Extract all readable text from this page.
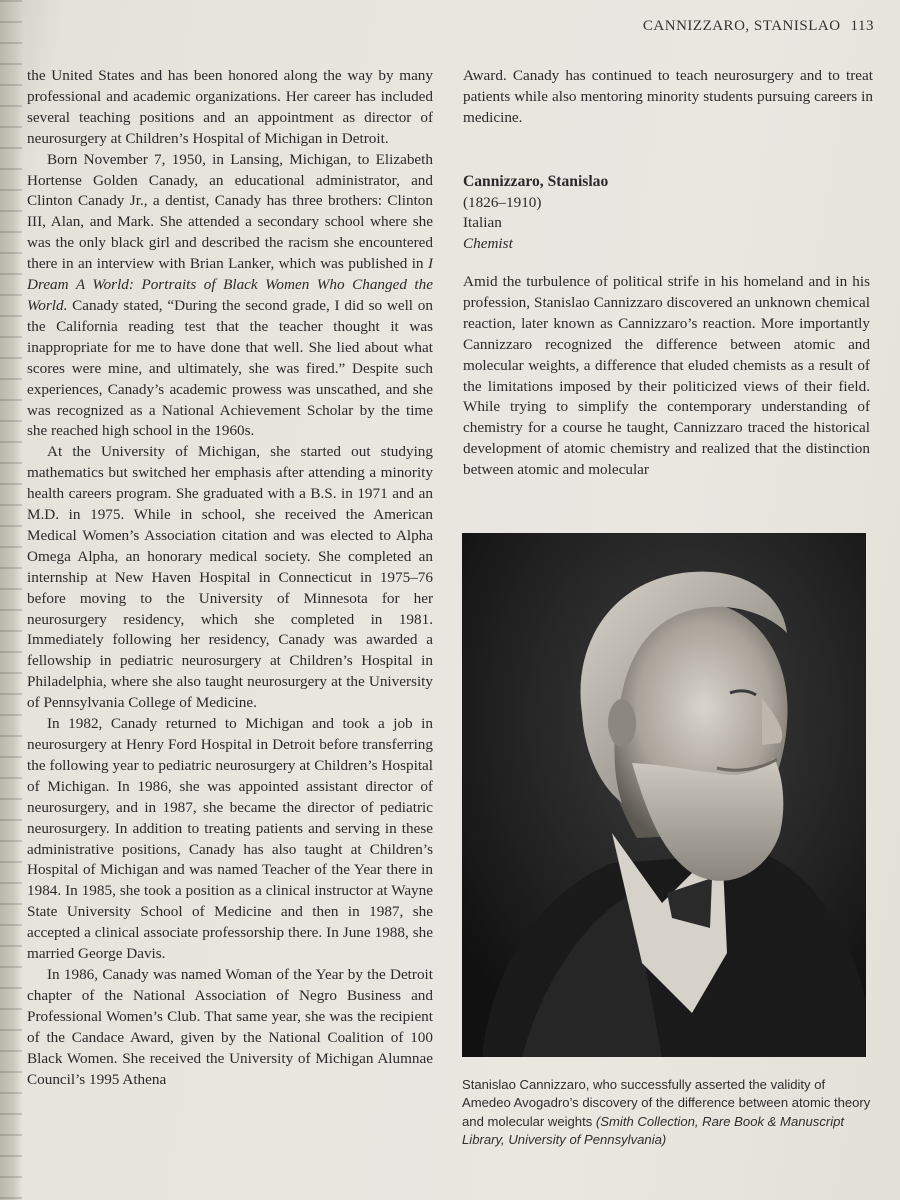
CANNIZZARO, STANISLAO 113

the United States and has been honored along the way by many professional and academic organizations. Her career has included several teaching positions and an appointment as director of neurosurgery at Children’s Hospital of Michigan in Detroit.

Born November 7, 1950, in Lansing, Michigan, to Elizabeth Hortense Golden Canady, an educational administrator, and Clinton Canady Jr., a dentist, Canady has three brothers: Clinton III, Alan, and Mark. She attended a secondary school where she was the only black girl and described the racism she encountered there in an interview with Brian Lanker, which was published in I Dream A World: Portraits of Black Women Who Changed the World. Canady stated, “During the second grade, I did so well on the California reading test that the teacher thought it was inappropriate for me to have done that well. She lied about what scores were mine, and ultimately, she was fired.” Despite such experiences, Canady’s academic prowess was unscathed, and she was recognized as a National Achievement Scholar by the time she reached high school in the 1960s.

At the University of Michigan, she started out studying mathematics but switched her emphasis after attending a minority health careers program. She graduated with a B.S. in 1971 and an M.D. in 1975. While in school, she received the American Medical Women’s Association citation and was elected to Alpha Omega Alpha, an honorary medical society. She completed an internship at New Haven Hospital in Connecticut in 1975–76 before moving to the University of Minnesota for her neurosurgery residency, which she completed in 1981. Immediately following her residency, Canady was awarded a fellowship in pediatric neurosurgery at Children’s Hospital in Philadelphia, where she also taught neurosurgery at the University of Pennsylvania College of Medicine.

In 1982, Canady returned to Michigan and took a job in neurosurgery at Henry Ford Hospital in Detroit before transferring the following year to pediatric neurosurgery at Children’s Hospital of Michigan. In 1986, she was appointed assistant director of neurosurgery, and in 1987, she became the director of pediatric neurosurgery. In addition to treating patients and serving in these administrative positions, Canady has also taught at Children’s Hospital of Michigan and was named Teacher of the Year there in 1984. In 1985, she took a position as a clinical instructor at Wayne State University School of Medicine and then in 1987, she accepted a clinical associate professorship there. In June 1988, she married George Davis.

In 1986, Canady was named Woman of the Year by the Detroit chapter of the National Association of Negro Business and Professional Women’s Club. That same year, she was the recipient of the Candace Award, given by the National Coalition of 100 Black Women. She received the University of Michigan Alumnae Council’s 1995 Athena

Award. Canady has continued to teach neurosurgery and to treat patients while also mentoring minority students pursuing careers in medicine.

Cannizzaro, Stanislao
(1826–1910)
Italian
Chemist

Amid the turbulence of political strife in his homeland and in his profession, Stanislao Cannizzaro discovered an unknown chemical reaction, later known as Cannizzaro’s reaction. More importantly Cannizzaro recognized the difference between atomic and molecular weights, a difference that eluded chemists as a result of the limitations imposed by their politicized views of their field. While trying to simplify the contemporary understanding of chemistry for a course he taught, Cannizzaro traced the historical development of atomic chemistry and realized that the distinction between atomic and molecular

Stanislao Cannizzaro, who successfully asserted the validity of Amedeo Avogadro’s discovery of the difference between atomic theory and molecular weights (Smith Collection, Rare Book & Manuscript Library, University of Pennsylvania)
